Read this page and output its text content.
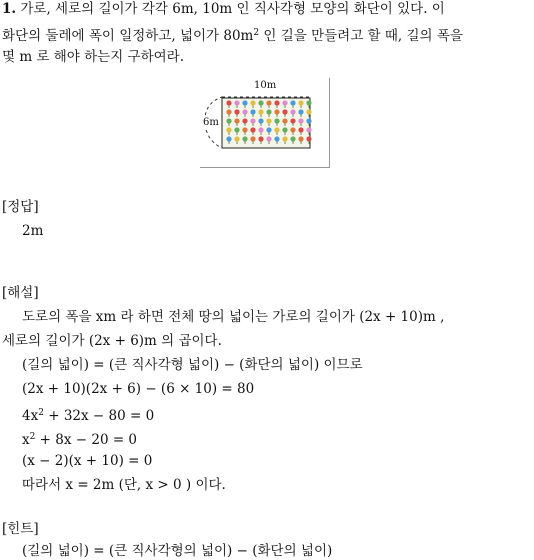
1. 가로, 세로의 길이가 각각 6m, 10m 인 직사각형 모양의 화단이 있다. 이
화단의 둘레에 폭이 일정하고, 넓이가 $80m^2$ 인 길을 만들려고 할 때, 길의 폭을
몇 m 로 해야 하는지 구하여라.
10m
6m
[정답]
2m
[해설]
도로의 폭을 xm 라 하면 전체 땅의 넓이는 가로의 길이가 (2x + 10)m ,
세로의 길이가 (2x + 6)m 의 곱이다.
(길의 넓이) = (큰 직사각형 넓이) − (화단의 넓이) 이므로
(2x + 10)(2x + 6) − (6 × 10) = 80
$4x^2 + 32x - 80 = 0$
$x^2 + 8x - 20 = 0$
(x − 2)(x + 10) = 0
따라서 x = 2m (단, x > 0 ) 이다.
[힌트]
(길의 넓이) = (큰 직사각형의 넓이) − (화단의 넓이)
